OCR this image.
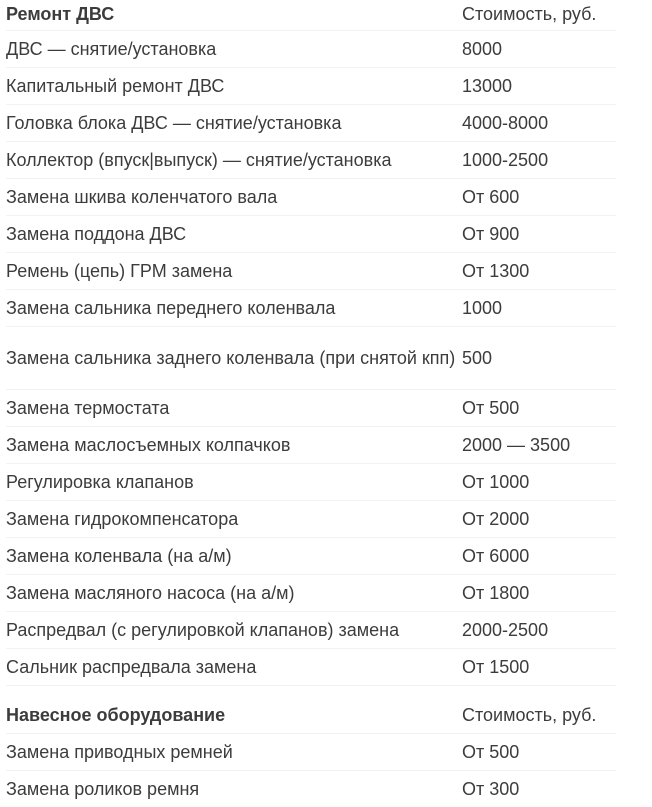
Ремонт ДВС	Стоимость, руб.
ДВС — снятие/установка	8000
Капитальный ремонт ДВС	13000
Головка блока ДВС — снятие/установка	4000-8000
Коллектор (впуск|выпуск) — снятие/установка	1000-2500
Замена шкива коленчатого вала	От 600
Замена поддона ДВС	От 900
Ремень (цепь) ГРМ замена	От 1300
Замена сальника переднего коленвала	1000
Замена сальника заднего коленвала (при снятой кпп)	500
Замена термостата	От 500
Замена маслосъемных колпачков	2000 — 3500
Регулировка клапанов	От 1000
Замена гидрокомпенсатора	От 2000
Замена коленвала (на а/м)	От 6000
Замена масляного насоса (на а/м)	От 1800
Распредвал (с регулировкой клапанов) замена	2000-2500
Сальник распредвала замена	От 1500
Навесное оборудование	Стоимость, руб.
Замена приводных ремней	От 500
Замена роликов ремня	От 300
